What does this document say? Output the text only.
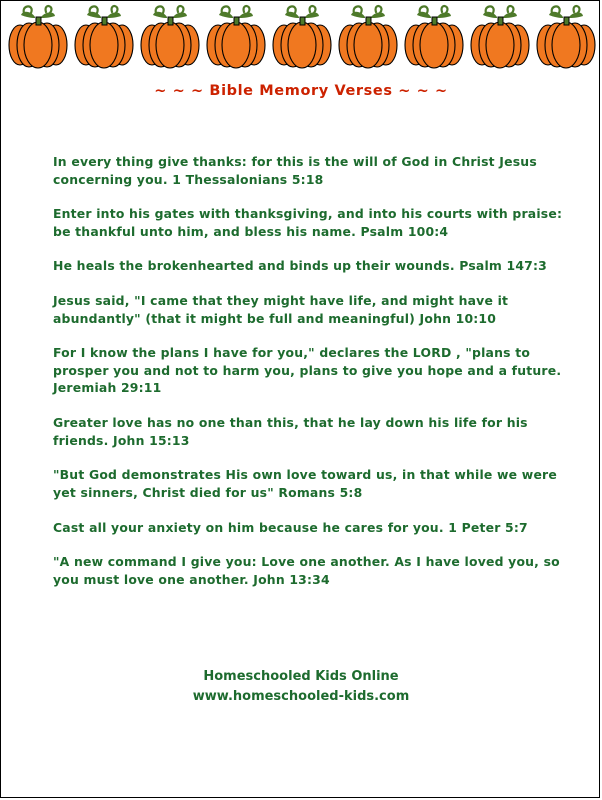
~ ~ ~ Bible Memory Verses ~ ~ ~
In every thing give thanks: for this is the will of God in Christ Jesus concerning you. 1 Thessalonians 5:18
Enter into his gates with thanksgiving, and into his courts with praise: be thankful unto him, and bless his name. Psalm 100:4
He heals the brokenhearted and binds up their wounds. Psalm 147:3
Jesus said, "I came that they might have life, and might have it abundantly" (that it might be full and meaningful) John 10:10
For I know the plans I have for you," declares the LORD , "plans to prosper you and not to harm you, plans to give you hope and a future. Jeremiah 29:11
Greater love has no one than this, that he lay down his life for his friends. John 15:13
"But God demonstrates His own love toward us, in that while we were yet sinners, Christ died for us" Romans 5:8
Cast all your anxiety on him because he cares for you. 1 Peter 5:7
"A new command I give you: Love one another. As I have loved you, so you must love one another. John 13:34
Homeschooled Kids Online
www.homeschooled-kids.com
